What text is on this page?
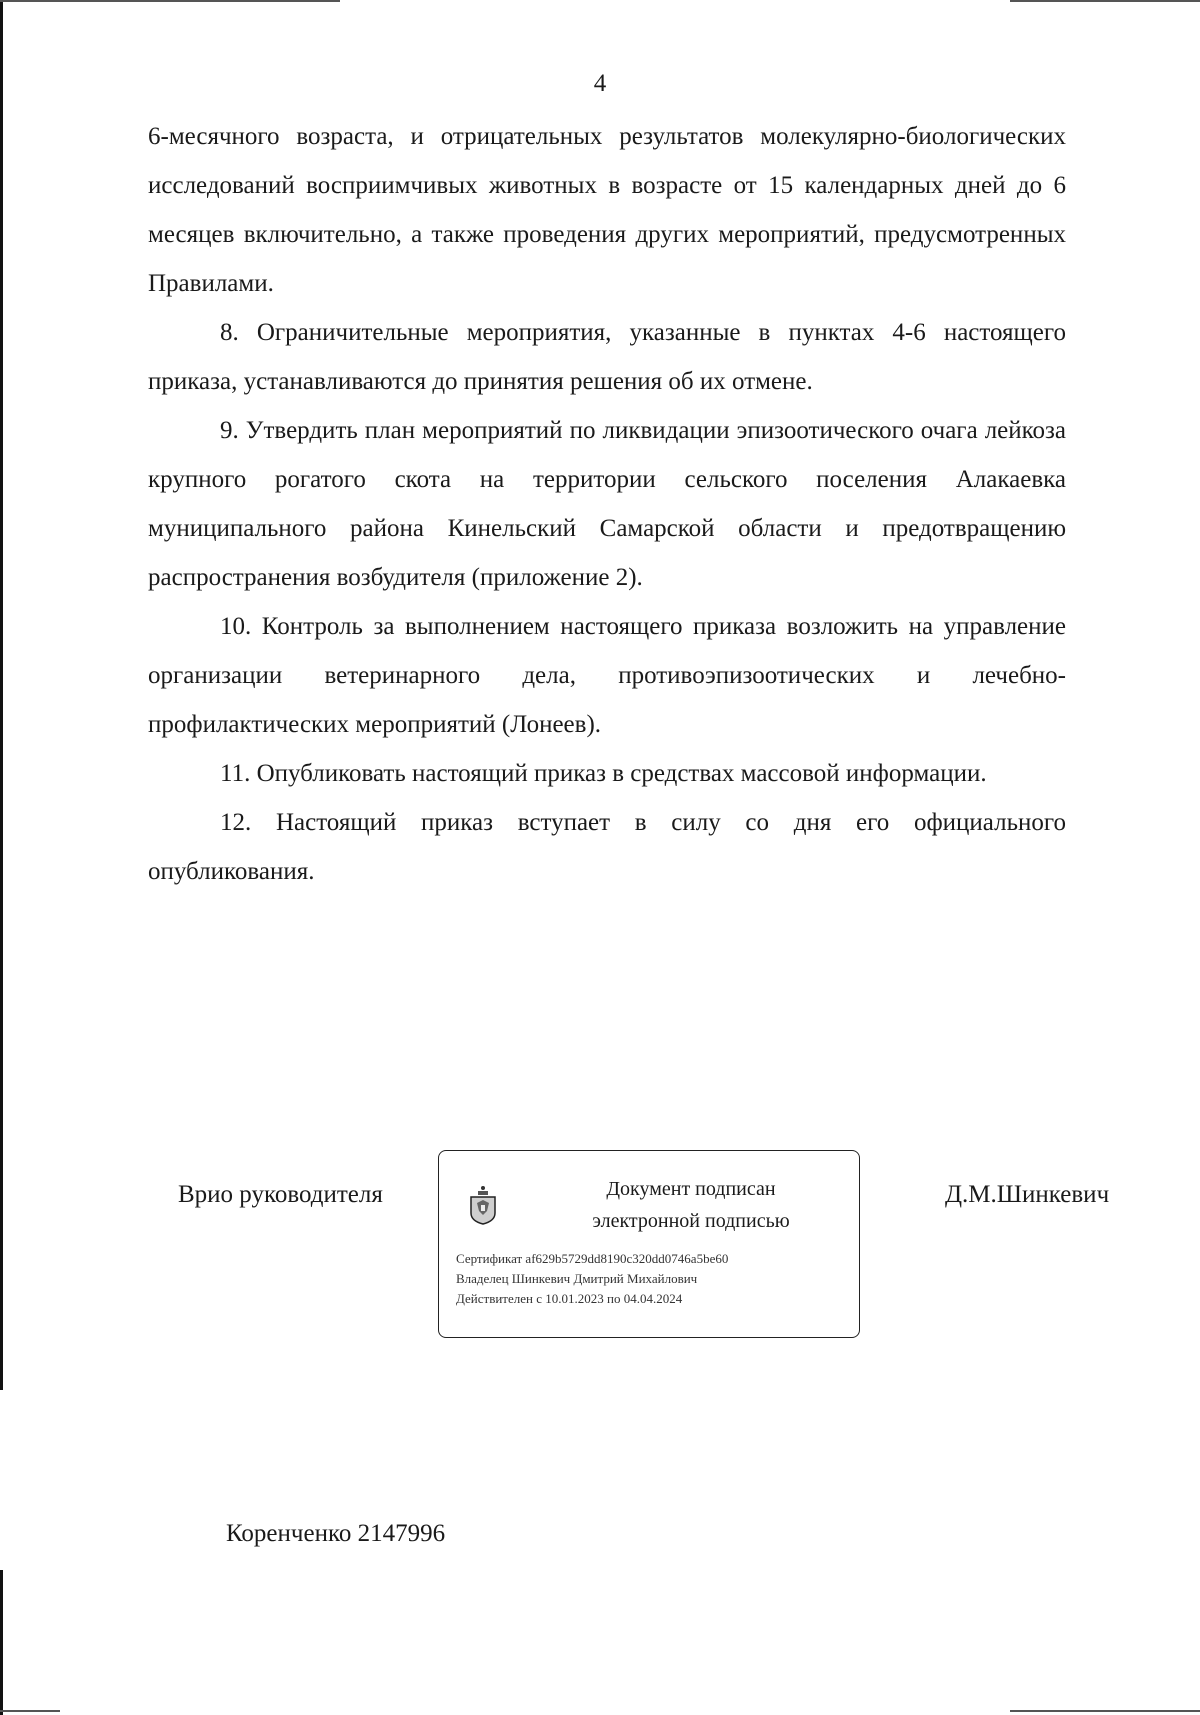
4

6-месячного возраста, и отрицательных результатов молекулярно-биологических исследований восприимчивых животных в возрасте от 15 календарных дней до 6 месяцев включительно, а также проведения других мероприятий, предусмотренных Правилами.

8. Ограничительные мероприятия, указанные в пунктах 4-6 настоящего приказа, устанавливаются до принятия решения об их отмене.

9. Утвердить план мероприятий по ликвидации эпизоотического очага лейкоза крупного рогатого скота на территории сельского поселения Алакаевка муниципального района Кинельский Самарской области и предотвращению распространения возбудителя (приложение 2).

10. Контроль за выполнением настоящего приказа возложить на управление организации ветеринарного дела, противоэпизоотических и лечебно-профилактических мероприятий (Лонеев).

11. Опубликовать настоящий приказ в средствах массовой информации.

12. Настоящий приказ вступает в силу со дня его официального опубликования.

Врио руководителя	Документ подписан
электронной подписью
Сертификат af629b5729dd8190c320dd0746a5be60
Владелец Шинкевич Дмитрий Михайлович
Действителен с 10.01.2023 по 04.04.2024
Д.М.Шинкевич
Коренченко 2147996
